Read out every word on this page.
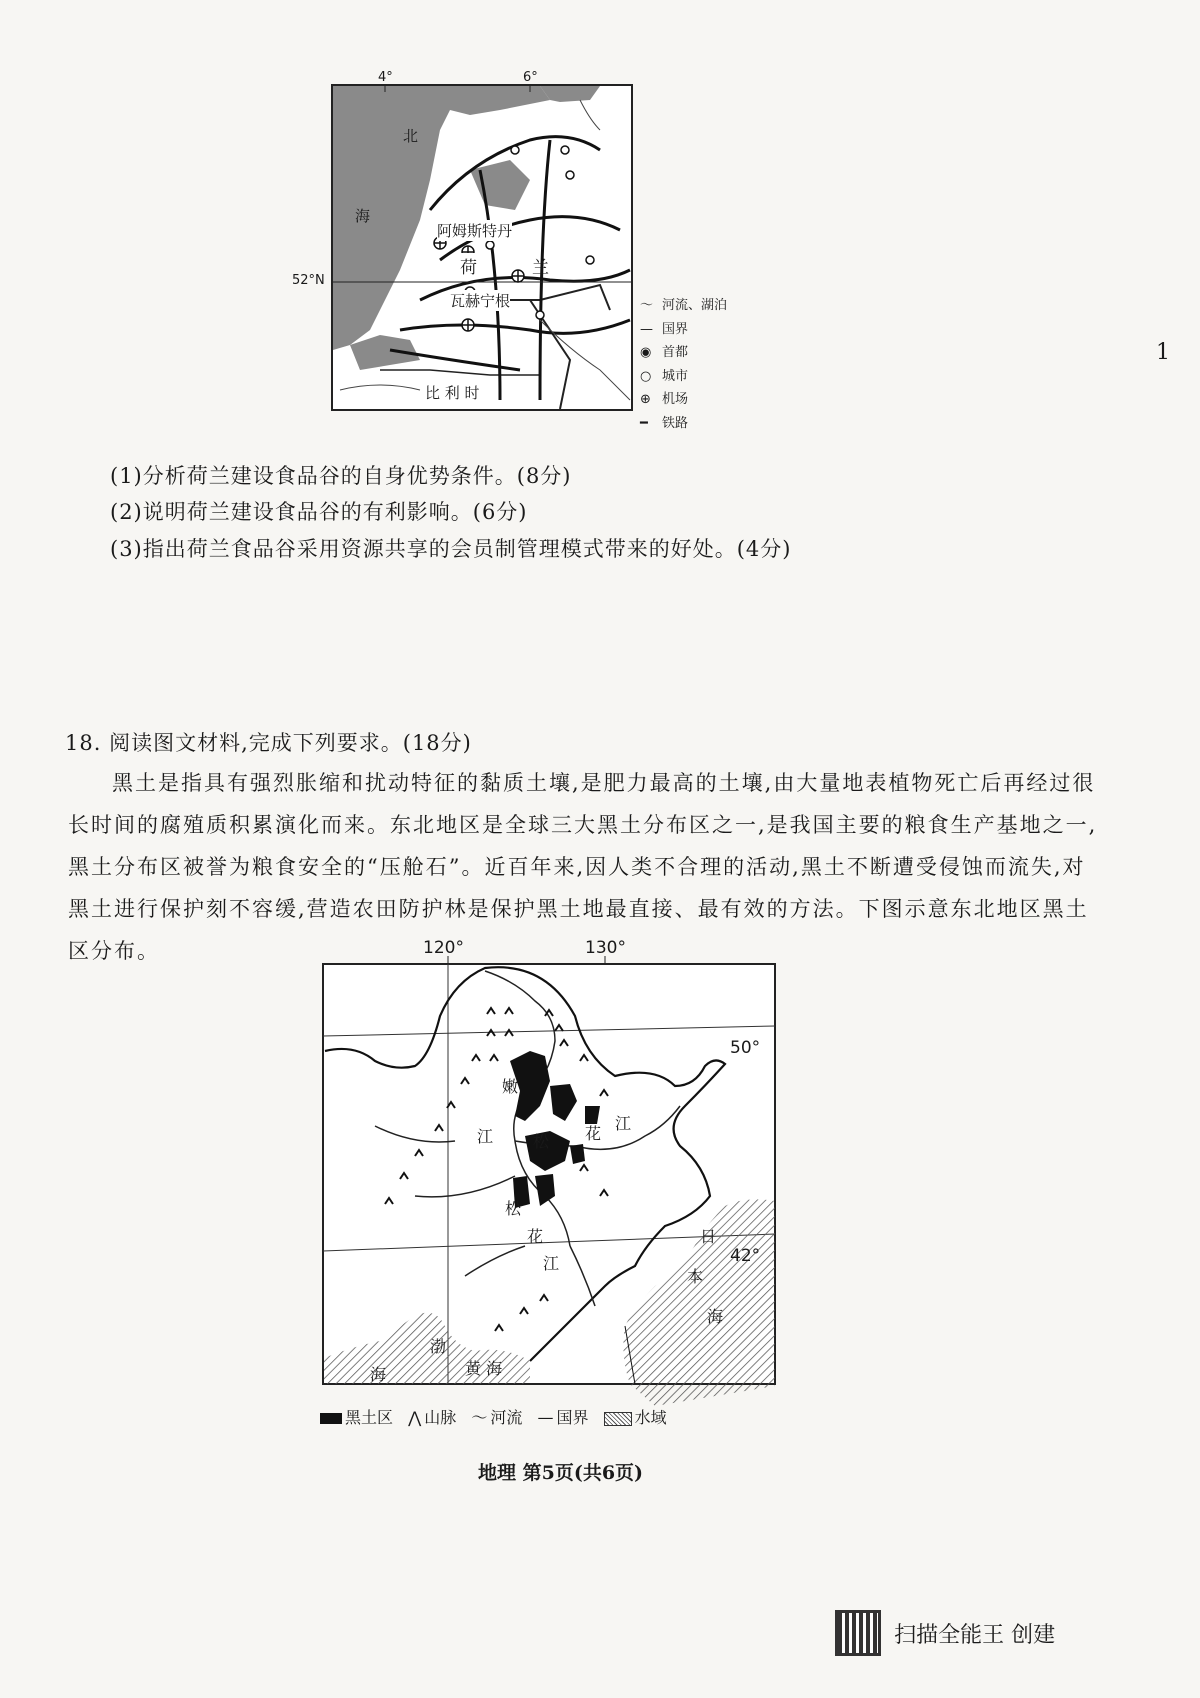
4°	6°
52°N
北
海
阿姆斯特丹
瓦赫宁根
荷	兰
比 利 时
〜 河流、湖泊
— 国界
◉ 首都
○ 城市
⊕ 机场
━ 铁路
1
(1)分析荷兰建设食品谷的自身优势条件。(8分)
(2)说明荷兰建设食品谷的有利影响。(6分)
(3)指出荷兰食品谷采用资源共享的会员制管理模式带来的好处。(4分)
18. 阅读图文材料,完成下列要求。(18分)
黑土是指具有强烈胀缩和扰动特征的黏质土壤,是肥力最高的土壤,由大量地表植物死亡后再经过很长时间的腐殖质积累演化而来。东北地区是全球三大黑土分布区之一,是我国主要的粮食生产基地之一,黑土分布区被誉为粮食安全的“压舱石”。近百年来,因人类不合理的活动,黑土不断遭受侵蚀而流失,对黑土进行保护刻不容缓,营造农田防护林是保护黑土地最直接、最有效的方法。下图示意东北地区黑土区分布。	120°	130°
50°
42°
嫩
江 松 花
江
松
花
江
渤
海	黄 海
日
本
海
黑土区 ⋀ 山脉 〜 河流 — 国界	水域
地理 第5页(共6页)
扫描全能王 创建
